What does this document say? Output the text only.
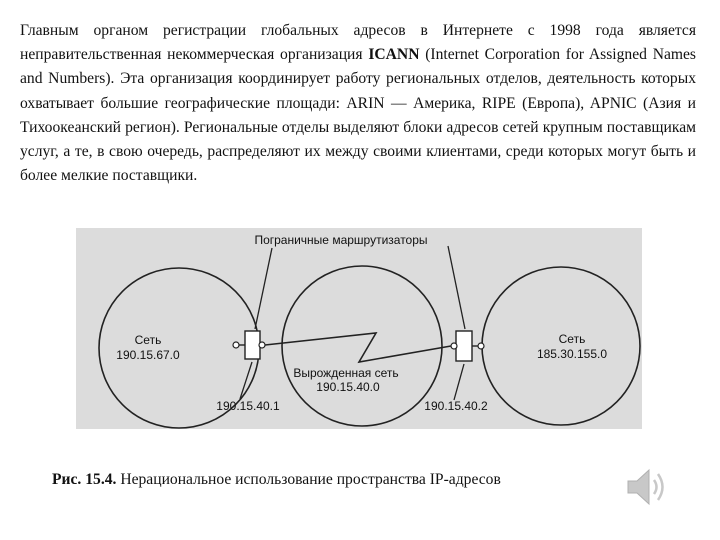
Главным органом регистрации глобальных адресов в Интернете с 1998 года является неправительственная некоммерческая организация ICANN (Internet Corporation for Assigned Names and Numbers). Эта организация координирует работу региональных отделов, деятельность которых охватывает большие географические площади: ARIN — Америка, RIPE (Европа), APNIC (Азия и Тихоокеанский регион). Региональные отделы выделяют блоки адресов сетей крупным поставщикам услуг, а те, в свою очередь, распределяют их между своими клиентами, среди которых могут быть и более мелкие поставщики.

Пограничные маршрутизаторы
Сеть
190.15.67.0
Вырожденная сеть
190.15.40.0
Сеть
185.30.155.0
190.15.40.1	190.15.40.2
Рис. 15.4. Нерациональное использование пространства IP-адресов
